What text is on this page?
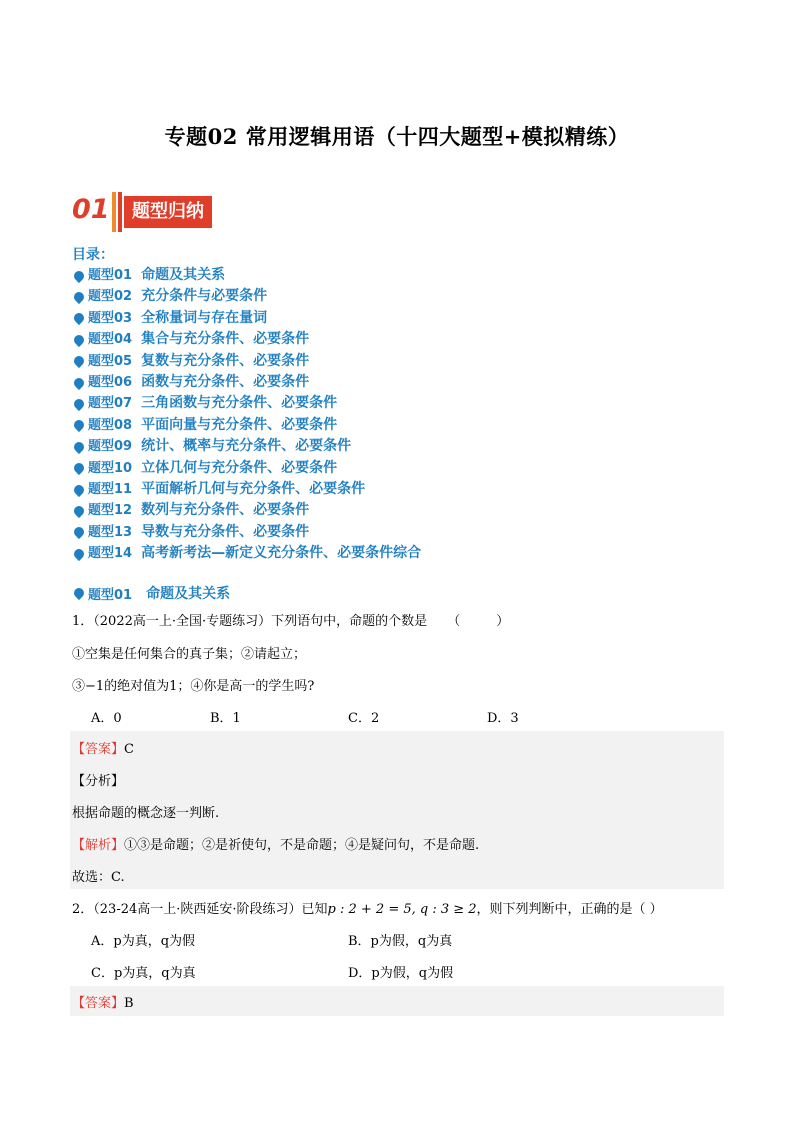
专题02 常用逻辑用语（十四大题型+模拟精练）
01	题型归纳
目录：
题型01 命题及其关系
题型02 充分条件与必要条件
题型03 全称量词与存在量词
题型04 集合与充分条件、必要条件
题型05 复数与充分条件、必要条件
题型06 函数与充分条件、必要条件
题型07 三角函数与充分条件、必要条件
题型08 平面向量与充分条件、必要条件
题型09 统计、概率与充分条件、必要条件
题型10 立体几何与充分条件、必要条件
题型11 平面解析几何与充分条件、必要条件
题型12 数列与充分条件、必要条件
题型13 导数与充分条件、必要条件
题型14 高考新考法—新定义充分条件、必要条件综合
题型01 命题及其关系
1．（2022高一上·全国·专题练习）下列语句中，命题的个数是 （	）
①空集是任何集合的真子集；②请起立；
③−1的绝对值为1；④你是高一的学生吗?
A．0	B．1	C．2	D．3
【答案】C
【分析】
根据命题的概念逐一判断.
【解析】①③是命题；②是祈使句，不是命题；④是疑问句，不是命题.
故选：C.
2．（23-24高一上·陕西延安·阶段练习）已知p : 2 + 2 = 5, q : 3 ≥ 2，则下列判断中，正确的是（ ）
A．p为真，q为假	B．p为假，q为真
C．p为真，q为真	D．p为假，q为假
【答案】B
